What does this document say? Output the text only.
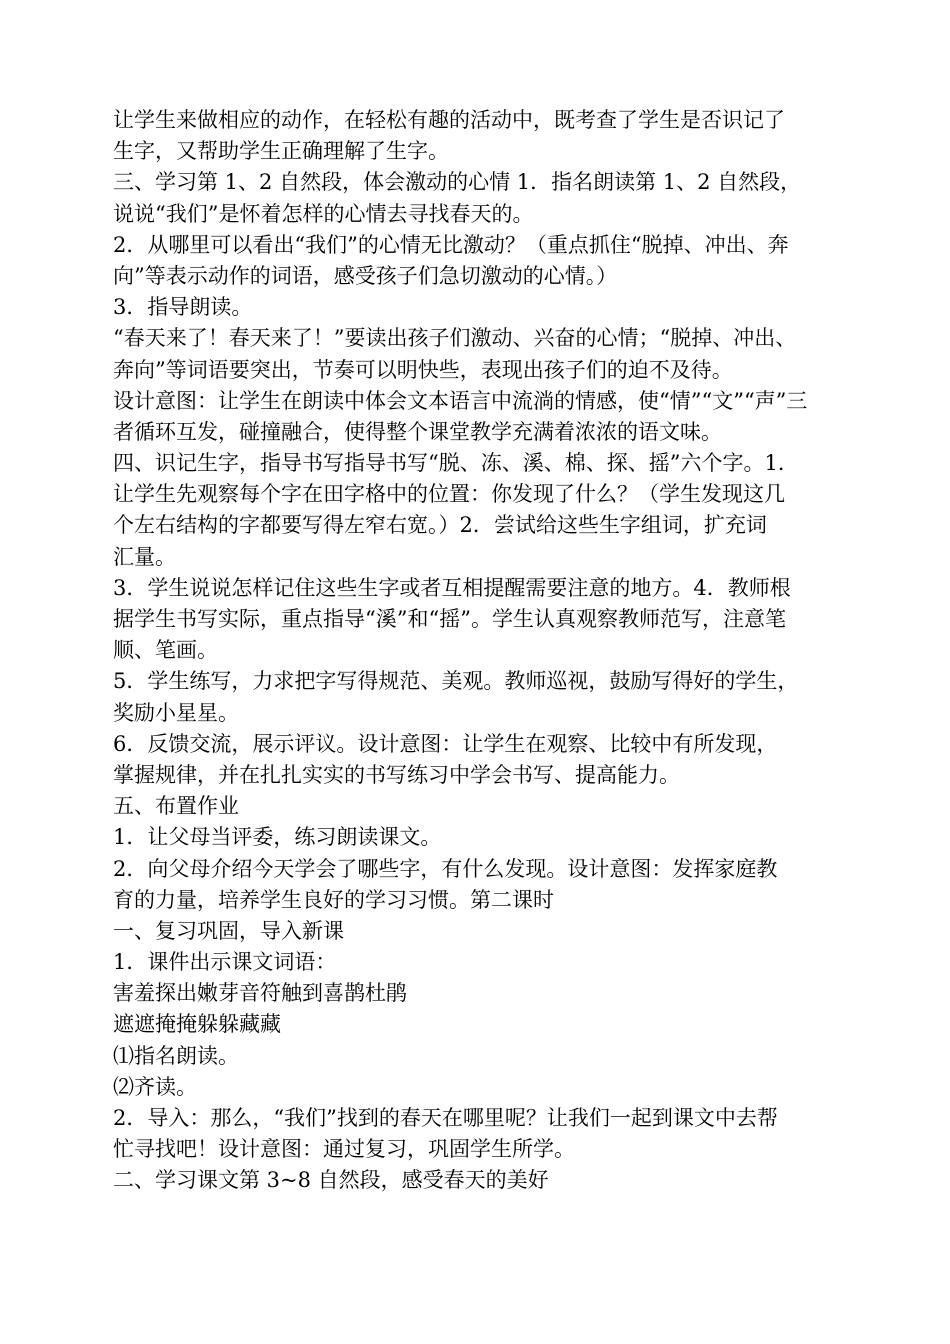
让学生来做相应的动作，在轻松有趣的活动中，既考查了学生是否识记了
生字，又帮助学生正确理解了生字。
三、学习第 1、2 自然段，体会激动的心情 1．指名朗读第 1、2 自然段，
说说“我们”是怀着怎样的心情去寻找春天的。
2．从哪里可以看出“我们”的心情无比激动？（重点抓住“脱掉、冲出、奔
向”等表示动作的词语，感受孩子们急切激动的心情。）
3．指导朗读。
“春天来了！春天来了！”要读出孩子们激动、兴奋的心情；“脱掉、冲出、
奔向”等词语要突出，节奏可以明快些，表现出孩子们的迫不及待。
设计意图：让学生在朗读中体会文本语言中流淌的情感，使“情”“文”“声”三
者循环互发，碰撞融合，使得整个课堂教学充满着浓浓的语文味。
四、识记生字，指导书写指导书写“脱、冻、溪、棉、探、摇”六个字。1．
让学生先观察每个字在田字格中的位置：你发现了什么？（学生发现这几
个左右结构的字都要写得左窄右宽。）2．尝试给这些生字组词，扩充词
汇量。
3．学生说说怎样记住这些生字或者互相提醒需要注意的地方。4．教师根
据学生书写实际，重点指导“溪”和“摇”。学生认真观察教师范写，注意笔
顺、笔画。
5．学生练写，力求把字写得规范、美观。教师巡视，鼓励写得好的学生，
奖励小星星。
6．反馈交流，展示评议。设计意图：让学生在观察、比较中有所发现，
掌握规律，并在扎扎实实的书写练习中学会书写、提高能力。
五、布置作业
1．让父母当评委，练习朗读课文。
2．向父母介绍今天学会了哪些字，有什么发现。设计意图：发挥家庭教
育的力量，培养学生良好的学习习惯。第二课时
一、复习巩固，导入新课
1．课件出示课文词语：
害羞探出嫩芽音符触到喜鹊杜鹃
遮遮掩掩躲躲藏藏
⑴指名朗读。
⑵齐读。
2．导入：那么，“我们”找到的春天在哪里呢？让我们一起到课文中去帮
忙寻找吧！设计意图：通过复习，巩固学生所学。
二、学习课文第 3~8 自然段，感受春天的美好
